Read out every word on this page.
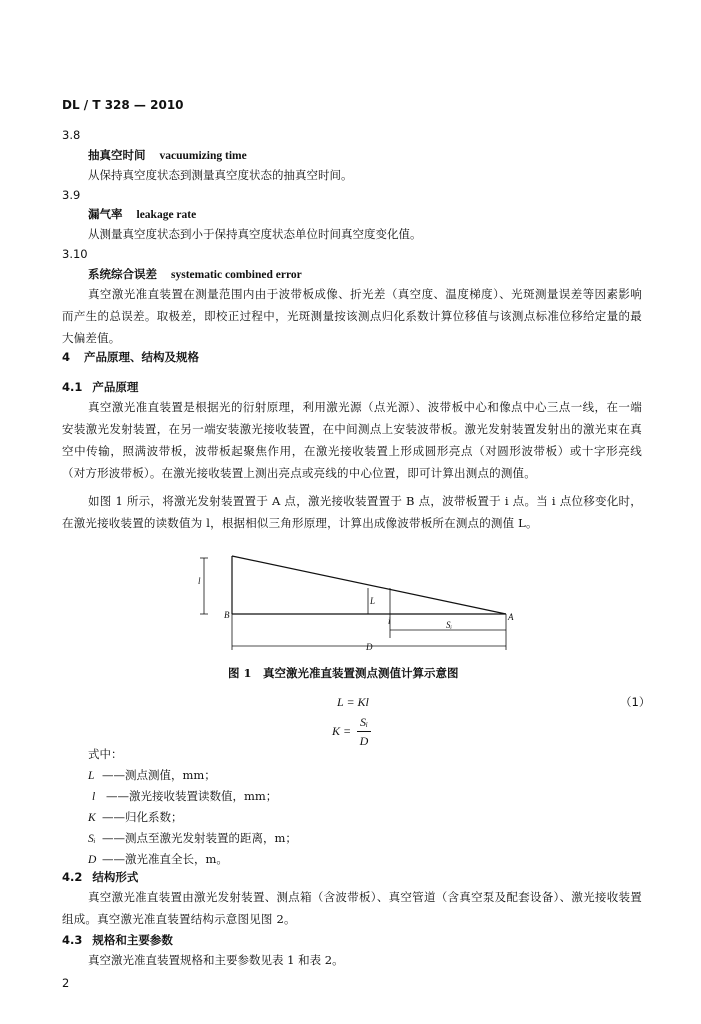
DL / T 328 — 2010
3.8
抽真空时间 vacuumizing time
从保持真空度状态到测量真空度状态的抽真空时间。
3.9
漏气率 leakage rate
从测量真空度状态到小于保持真空度状态单位时间真空度变化值。
3.10
系统综合误差 systematic combined error
真空激光准直装置在测量范围内由于波带板成像、折光差（真空度、温度梯度）、光斑测量误差等因素影响而产生的总误差。取极差，即校正过程中，光斑测量按该测点归化系数计算位移值与该测点标准位移给定量的最大偏差值。
4 产品原理、结构及规格
4.1 产品原理
真空激光准直装置是根据光的衍射原理，利用激光源（点光源）、波带板中心和像点中心三点一线，在一端安装激光发射装置，在另一端安装激光接收装置，在中间测点上安装波带板。激光发射装置发射出的激光束在真空中传输，照满波带板，波带板起聚焦作用，在激光接收装置上形成圆形亮点（对圆形波带板）或十字形亮线（对方形波带板）。在激光接收装置上测出亮点或亮线的中心位置，即可计算出测点的测值。
如图 1 所示，将激光发射装置置于 A 点，激光接收装置置于 B 点，波带板置于 i 点。当 i 点位移变化时，在激光接收装置的读数值为 l，根据相似三角形原理，计算出成像波带板所在测点的测值 L。
B	A
i
L
l
Sᵢ
D
图 1　真空激光准直装置测点测值计算示意图
L = Kl	（1）
K =
Sᵢ
D
式中：
L ——测点测值，mm；
l ——激光接收装置读数值，mm；
K ——归化系数；
Sᵢ ——测点至激光发射装置的距离，m；
D ——激光准直全长，m。
4.2 结构形式
真空激光准直装置由激光发射装置、测点箱（含波带板）、真空管道（含真空泵及配套设备）、激光接收装置组成。真空激光准直装置结构示意图见图 2。
4.3 规格和主要参数
真空激光准直装置规格和主要参数见表 1 和表 2。
2
